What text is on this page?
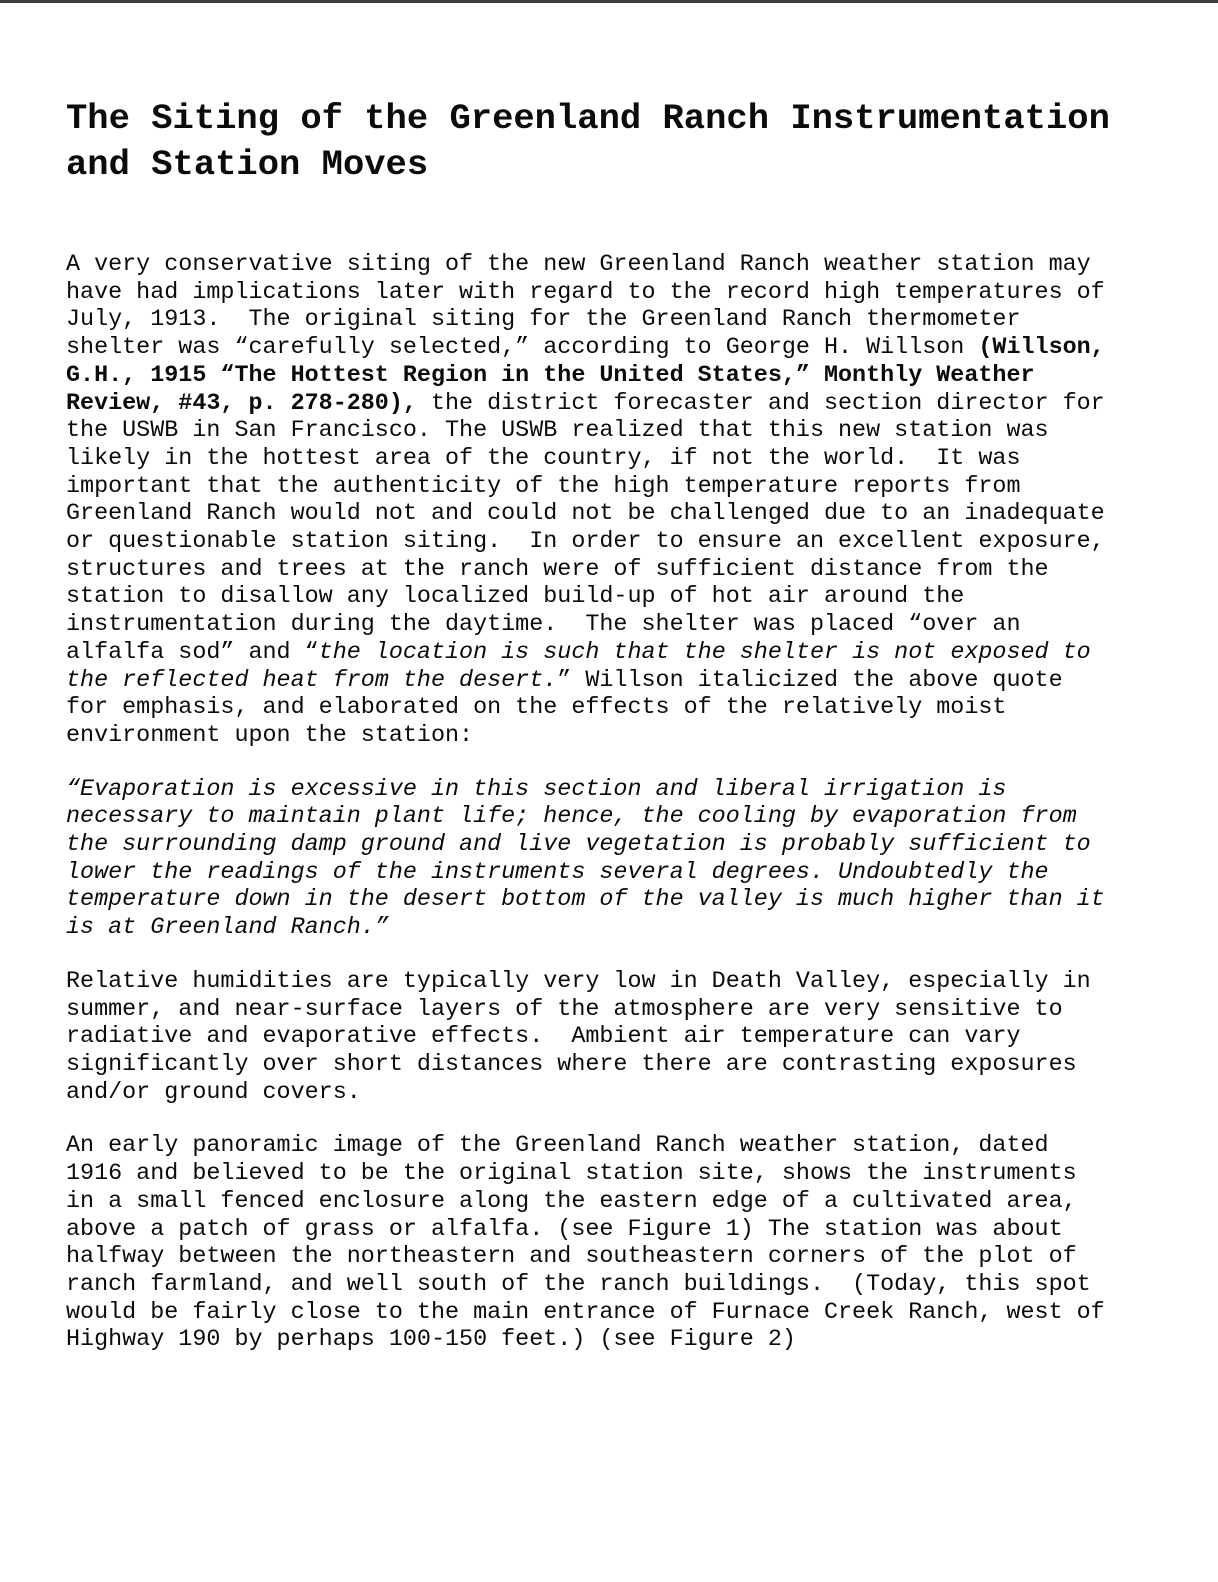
The Siting of the Greenland Ranch Instrumentation
and Station Moves
A very conservative siting of the new Greenland Ranch weather station may
have had implications later with regard to the record high temperatures of
July, 1913.  The original siting for the Greenland Ranch thermometer
shelter was “carefully selected,” according to George H. Willson (Willson,
G.H., 1915 “The Hottest Region in the United States,” Monthly Weather
Review, #43, p. 278-280), the district forecaster and section director for
the USWB in San Francisco. The USWB realized that this new station was
likely in the hottest area of the country, if not the world.  It was
important that the authenticity of the high temperature reports from
Greenland Ranch would not and could not be challenged due to an inadequate
or questionable station siting.  In order to ensure an excellent exposure,
structures and trees at the ranch were of sufficient distance from the
station to disallow any localized build-up of hot air around the
instrumentation during the daytime.  The shelter was placed “over an
alfalfa sod” and “the location is such that the shelter is not exposed to
the reflected heat from the desert.” Willson italicized the above quote
for emphasis, and elaborated on the effects of the relatively moist
environment upon the station:
“Evaporation is excessive in this section and liberal irrigation is
necessary to maintain plant life; hence, the cooling by evaporation from
the surrounding damp ground and live vegetation is probably sufficient to
lower the readings of the instruments several degrees. Undoubtedly the
temperature down in the desert bottom of the valley is much higher than it
is at Greenland Ranch.”
Relative humidities are typically very low in Death Valley, especially in
summer, and near-surface layers of the atmosphere are very sensitive to
radiative and evaporative effects.  Ambient air temperature can vary
significantly over short distances where there are contrasting exposures
and/or ground covers.
An early panoramic image of the Greenland Ranch weather station, dated
1916 and believed to be the original station site, shows the instruments
in a small fenced enclosure along the eastern edge of a cultivated area,
above a patch of grass or alfalfa. (see Figure 1) The station was about
halfway between the northeastern and southeastern corners of the plot of
ranch farmland, and well south of the ranch buildings.  (Today, this spot
would be fairly close to the main entrance of Furnace Creek Ranch, west of
Highway 190 by perhaps 100-150 feet.) (see Figure 2)
